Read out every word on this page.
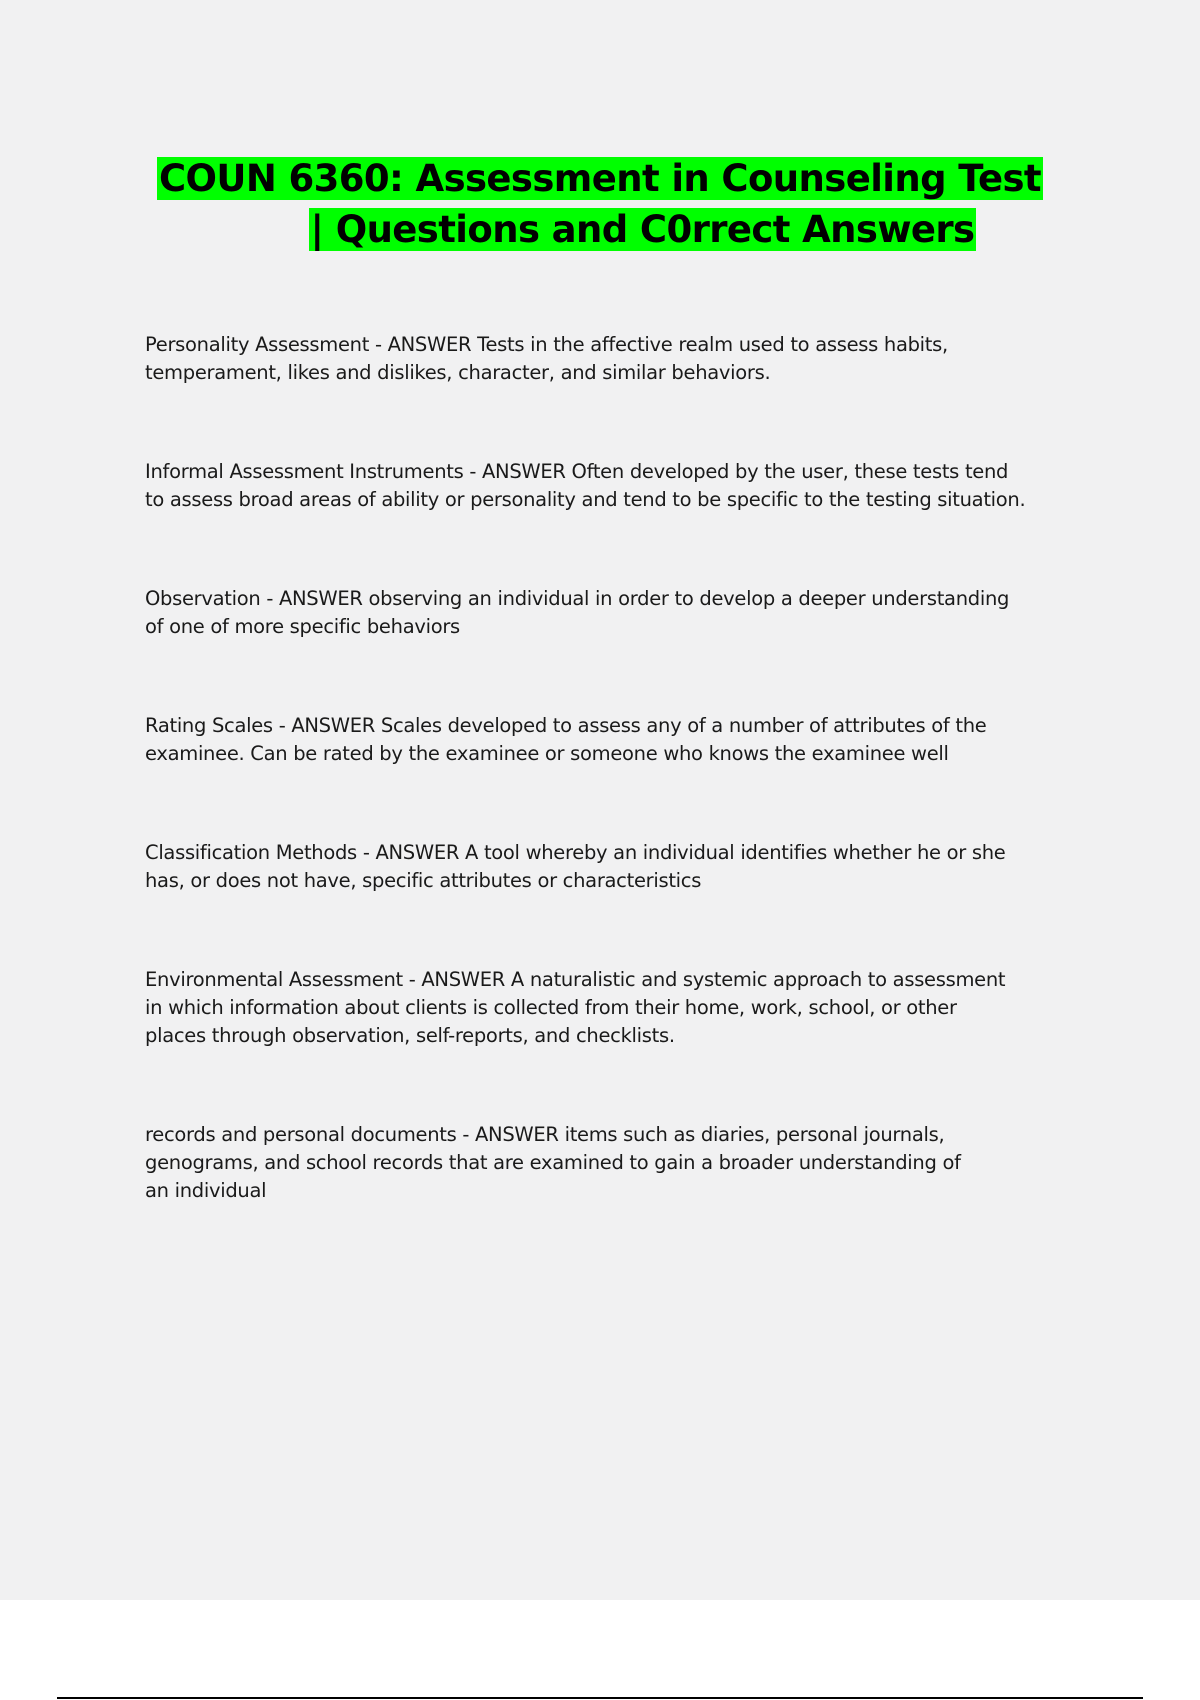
COUN 6360: Assessment in Counseling Test
| Questions and C0rrect Answers
Personality Assessment - ANSWER Tests in the affective realm used to assess habits,
temperament, likes and dislikes, character, and similar behaviors.
Informal Assessment Instruments - ANSWER Often developed by the user, these tests tend
to assess broad areas of ability or personality and tend to be specific to the testing situation.
Observation - ANSWER observing an individual in order to develop a deeper understanding
of one of more specific behaviors
Rating Scales - ANSWER Scales developed to assess any of a number of attributes of the
examinee. Can be rated by the examinee or someone who knows the examinee well
Classification Methods - ANSWER A tool whereby an individual identifies whether he or she
has, or does not have, specific attributes or characteristics
Environmental Assessment - ANSWER A naturalistic and systemic approach to assessment
in which information about clients is collected from their home, work, school, or other
places through observation, self-reports, and checklists.
records and personal documents - ANSWER items such as diaries, personal journals,
genograms, and school records that are examined to gain a broader understanding of
an individual
